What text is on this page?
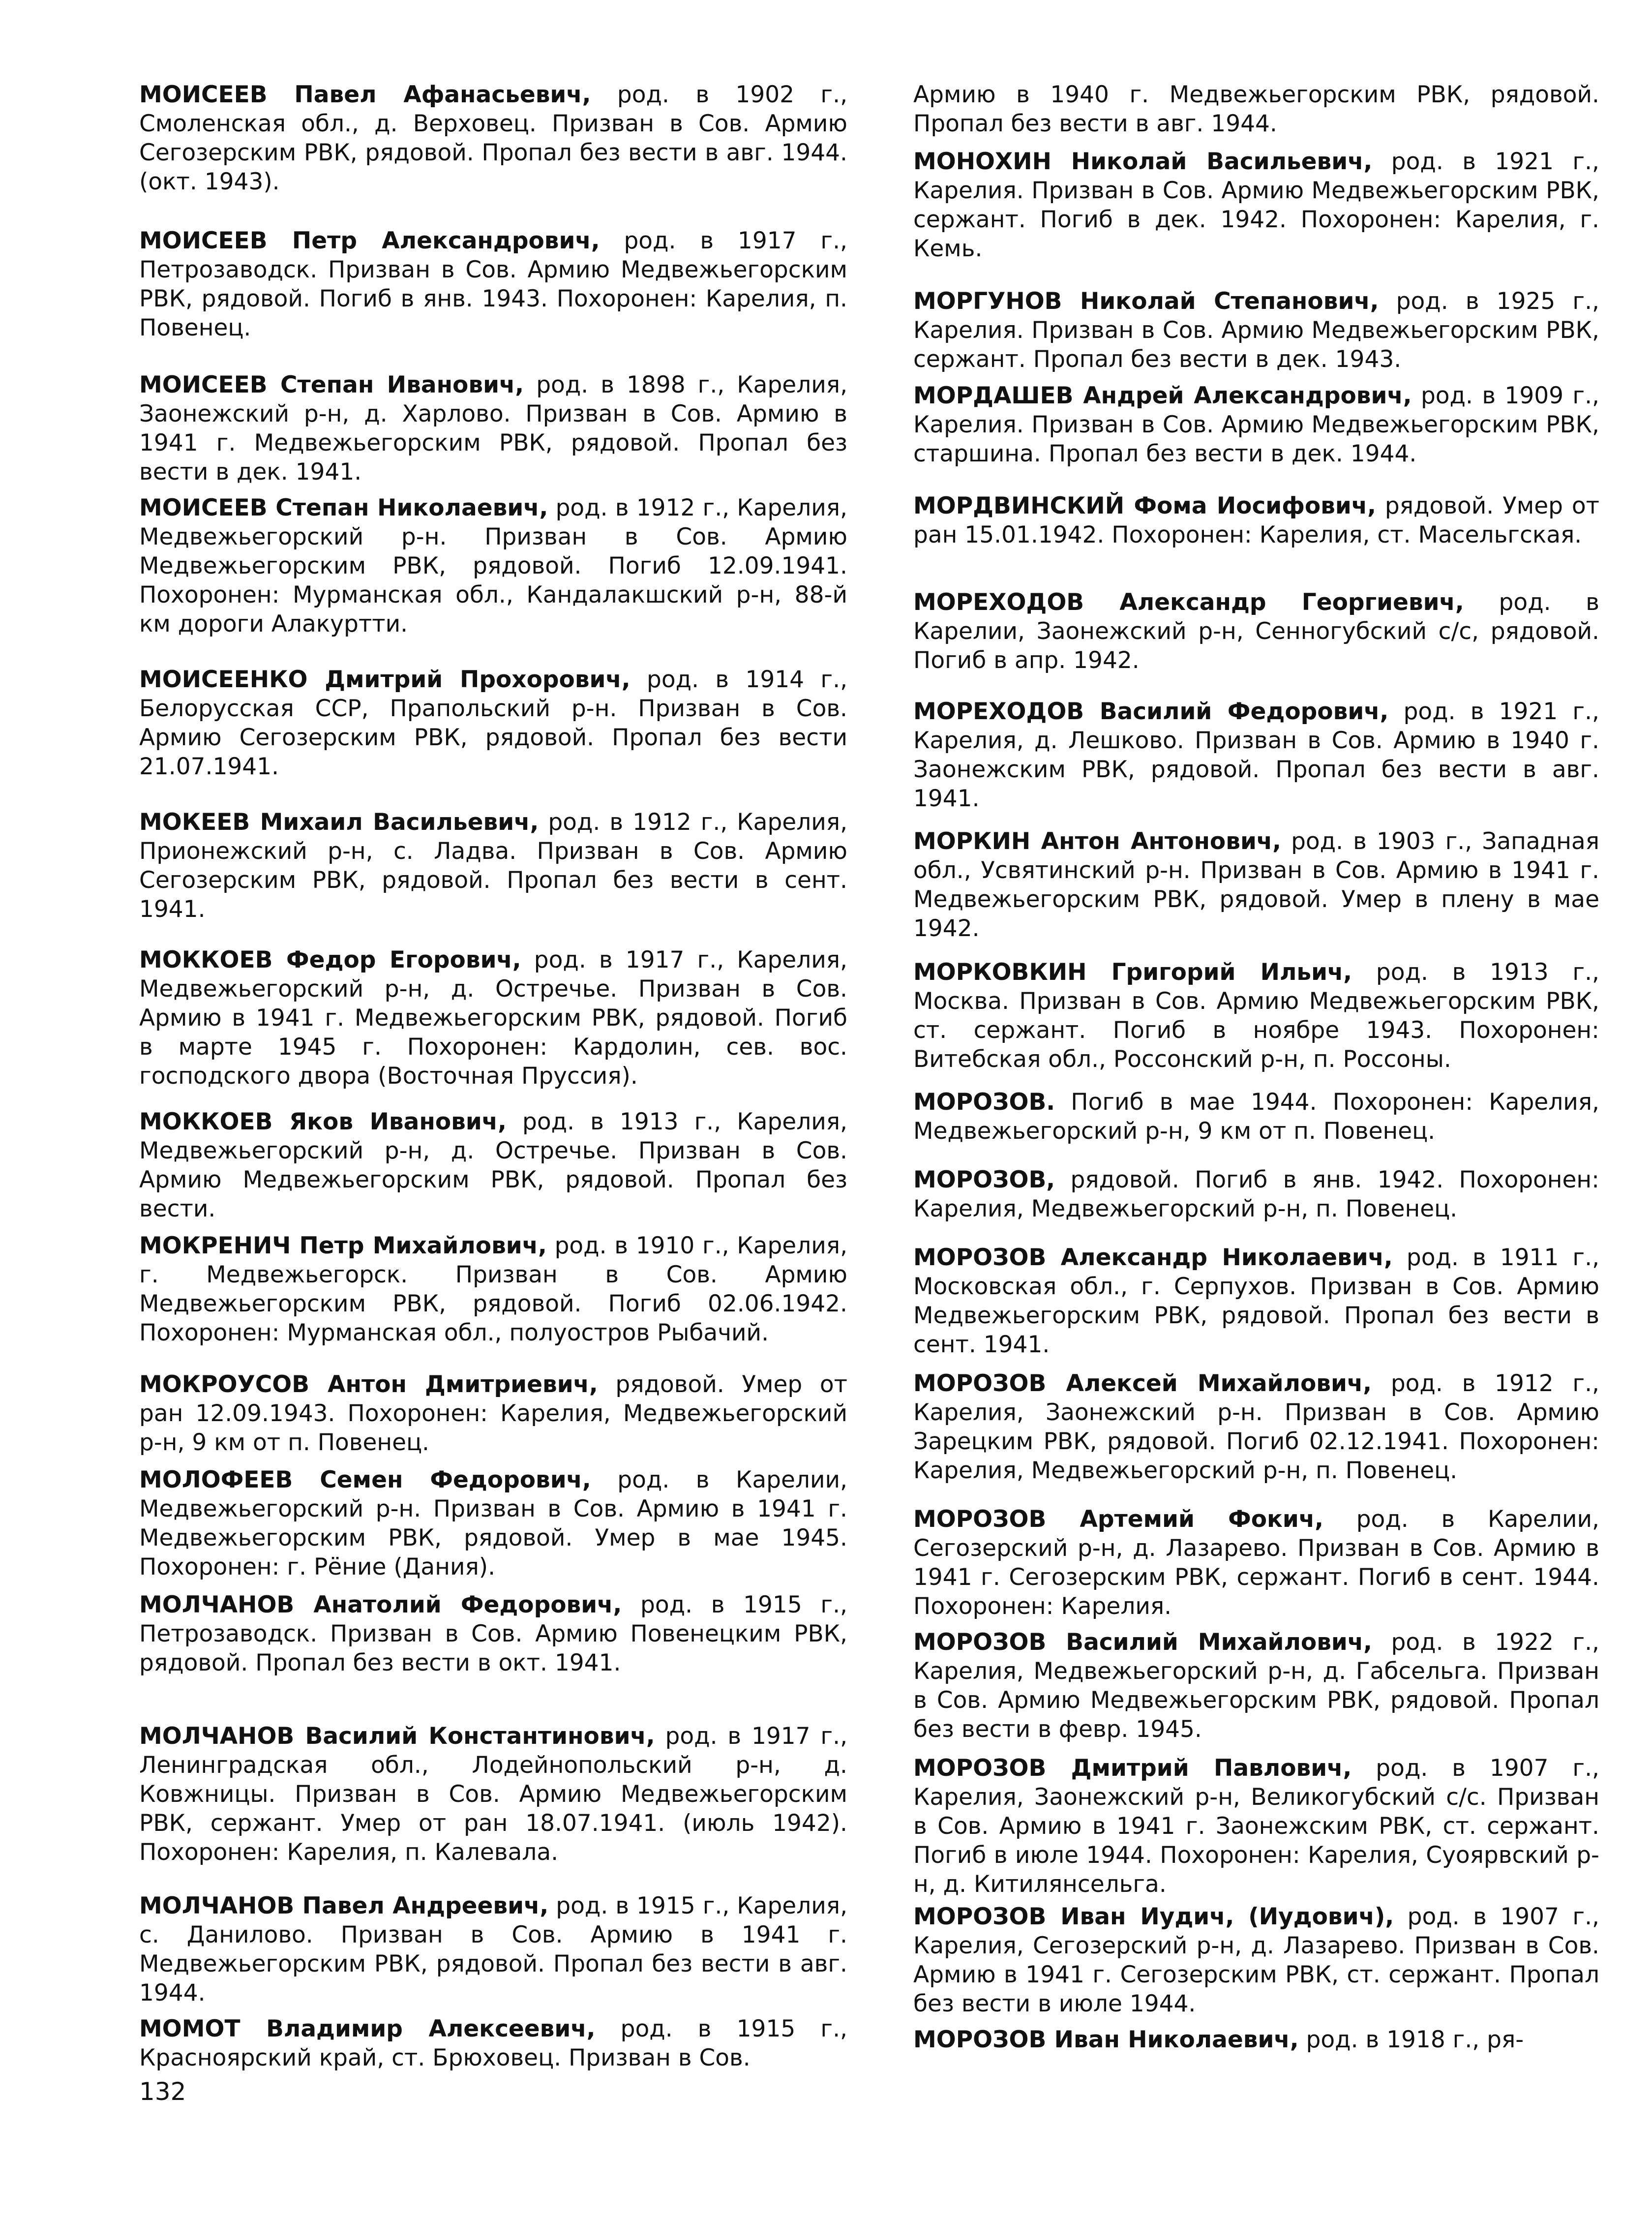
МОИСЕЕВ Павел Афанасьевич, род. в 1902 г., Смоленская обл., д. Верховец. Призван в Сов. Армию Сегозерским РВК, рядовой. Пропал без вести в авг. 1944. (окт. 1943).

МОИСЕЕВ Петр Александрович, род. в 1917 г., Петрозаводск. Призван в Сов. Армию Медвежьегорским РВК, рядовой. Погиб в янв. 1943. Похоронен: Карелия, п. Повенец.

МОИСЕЕВ Степан Иванович, род. в 1898 г., Карелия, Заонежский р-н, д. Харлово. Призван в Сов. Армию в 1941 г. Медвежьегорским РВК, рядовой. Пропал без вести в дек. 1941.

МОИСЕЕВ Степан Николаевич, род. в 1912 г., Карелия, Медвежьегорский р-н. Призван в Сов. Армию Медвежьегорским РВК, рядовой. Погиб 12.09.1941. Похоронен: Мурманская обл., Кандалакшский р-н, 88-й км дороги Алакуртти.

МОИСЕЕНКО Дмитрий Прохорович, род. в 1914 г., Белорусская ССР, Прапольский р-н. Призван в Сов. Армию Сегозерским РВК, рядовой. Пропал без вести 21.07.1941.

МОКЕЕВ Михаил Васильевич, род. в 1912 г., Карелия, Прионежский р-н, с. Ладва. Призван в Сов. Армию Сегозерским РВК, рядовой. Пропал без вести в сент. 1941.

МОККОЕВ Федор Егорович, род. в 1917 г., Карелия, Медвежьегорский р-н, д. Остречье. Призван в Сов. Армию в 1941 г. Медвежьегорским РВК, рядовой. Погиб в марте 1945 г. Похоронен: Кардолин, сев. вос. господского двора (Восточная Пруссия).

МОККОЕВ Яков Иванович, род. в 1913 г., Карелия, Медвежьегорский р-н, д. Остречье. Призван в Сов. Армию Медвежьегорским РВК, рядовой. Пропал без вести.

МОКРЕНИЧ Петр Михайлович, род. в 1910 г., Карелия, г. Медвежьегорск. Призван в Сов. Армию Медвежьегорским РВК, рядовой. Погиб 02.06.1942. Похоронен: Мурманская обл., полуостров Рыбачий.

МОКРОУСОВ Антон Дмитриевич, рядовой. Умер от ран 12.09.1943. Похоронен: Карелия, Медвежьегорский р-н, 9 км от п. Повенец.

МОЛОФЕЕВ Семен Федорович, род. в Карелии, Медвежьегорский р-н. Призван в Сов. Армию в 1941 г. Медвежьегорским РВК, рядовой. Умер в мае 1945. Похоронен: г. Рёние (Дания).

МОЛЧАНОВ Анатолий Федорович, род. в 1915 г., Петрозаводск. Призван в Сов. Армию Повенецким РВК, рядовой. Пропал без вести в окт. 1941.

МОЛЧАНОВ Василий Константинович, род. в 1917 г., Ленинградская обл., Лодейнопольский р-н, д. Ковжницы. Призван в Сов. Армию Медвежьегорским РВК, сержант. Умер от ран 18.07.1941. (июль 1942). Похоронен: Карелия, п. Калевала.

МОЛЧАНОВ Павел Андреевич, род. в 1915 г., Карелия, с. Данилово. Призван в Сов. Армию в 1941 г. Медвежьегорским РВК, рядовой. Пропал без вести в авг. 1944.

МОМОТ Владимир Алексеевич, род. в 1915 г., Красноярский край, ст. Брюховец. Призван в Сов.

Армию в 1940 г. Медвежьегорским РВК, рядовой. Пропал без вести в авг. 1944.

МОНОХИН Николай Васильевич, род. в 1921 г., Карелия. Призван в Сов. Армию Медвежьегорским РВК, сержант. Погиб в дек. 1942. Похоронен: Карелия, г. Кемь.

МОРГУНОВ Николай Степанович, род. в 1925 г., Карелия. Призван в Сов. Армию Медвежьегорским РВК, сержант. Пропал без вести в дек. 1943.

МОРДАШЕВ Андрей Александрович, род. в 1909 г., Карелия. Призван в Сов. Армию Медвежьегорским РВК, старшина. Пропал без вести в дек. 1944.

МОРДВИНСКИЙ Фома Иосифович, рядовой. Умер от ран 15.01.1942. Похоронен: Карелия, ст. Масельгская.

МОРЕХОДОВ Александр Георгиевич, род. в Карелии, Заонежский р-н, Сенногубский с/с, рядовой. Погиб в апр. 1942.

МОРЕХОДОВ Василий Федорович, род. в 1921 г., Карелия, д. Лешково. Призван в Сов. Армию в 1940 г. Заонежским РВК, рядовой. Пропал без вести в авг. 1941.

МОРКИН Антон Антонович, род. в 1903 г., Западная обл., Усвятинский р-н. Призван в Сов. Армию в 1941 г. Медвежьегорским РВК, рядовой. Умер в плену в мае 1942.

МОРКОВКИН Григорий Ильич, род. в 1913 г., Москва. Призван в Сов. Армию Медвежьегорским РВК, ст. сержант. Погиб в ноябре 1943. Похоронен: Витебская обл., Россонский р-н, п. Россоны.

МОРОЗОВ. Погиб в мае 1944. Похоронен: Карелия, Медвежьегорский р-н, 9 км от п. Повенец.

МОРОЗОВ, рядовой. Погиб в янв. 1942. Похоронен: Карелия, Медвежьегорский р-н, п. Повенец.

МОРОЗОВ Александр Николаевич, род. в 1911 г., Московская обл., г. Серпухов. Призван в Сов. Армию Медвежьегорским РВК, рядовой. Пропал без вести в сент. 1941.

МОРОЗОВ Алексей Михайлович, род. в 1912 г., Карелия, Заонежский р-н. Призван в Сов. Армию Зарецким РВК, рядовой. Погиб 02.12.1941. Похоронен: Карелия, Медвежьегорский р-н, п. Повенец.

МОРОЗОВ Артемий Фокич, род. в Карелии, Сегозерский р-н, д. Лазарево. Призван в Сов. Армию в 1941 г. Сегозерским РВК, сержант. Погиб в сент. 1944. Похоронен: Карелия.

МОРОЗОВ Василий Михайлович, род. в 1922 г., Карелия, Медвежьегорский р-н, д. Габсельга. Призван в Сов. Армию Медвежьегорским РВК, рядовой. Пропал без вести в февр. 1945.

МОРОЗОВ Дмитрий Павлович, род. в 1907 г., Карелия, Заонежский р-н, Великогубский с/с. Призван в Сов. Армию в 1941 г. Заонежским РВК, ст. сержант. Погиб в июле 1944. Похоронен: Карелия, Суоярвский р-н, д. Китилянсельга.

МОРОЗОВ Иван Иудич, (Иудович), род. в 1907 г., Карелия, Сегозерский р-н, д. Лазарево. Призван в Сов. Армию в 1941 г. Сегозерским РВК, ст. сержант. Пропал без вести в июле 1944.

МОРОЗОВ Иван Николаевич, род. в 1918 г., ря-

132
